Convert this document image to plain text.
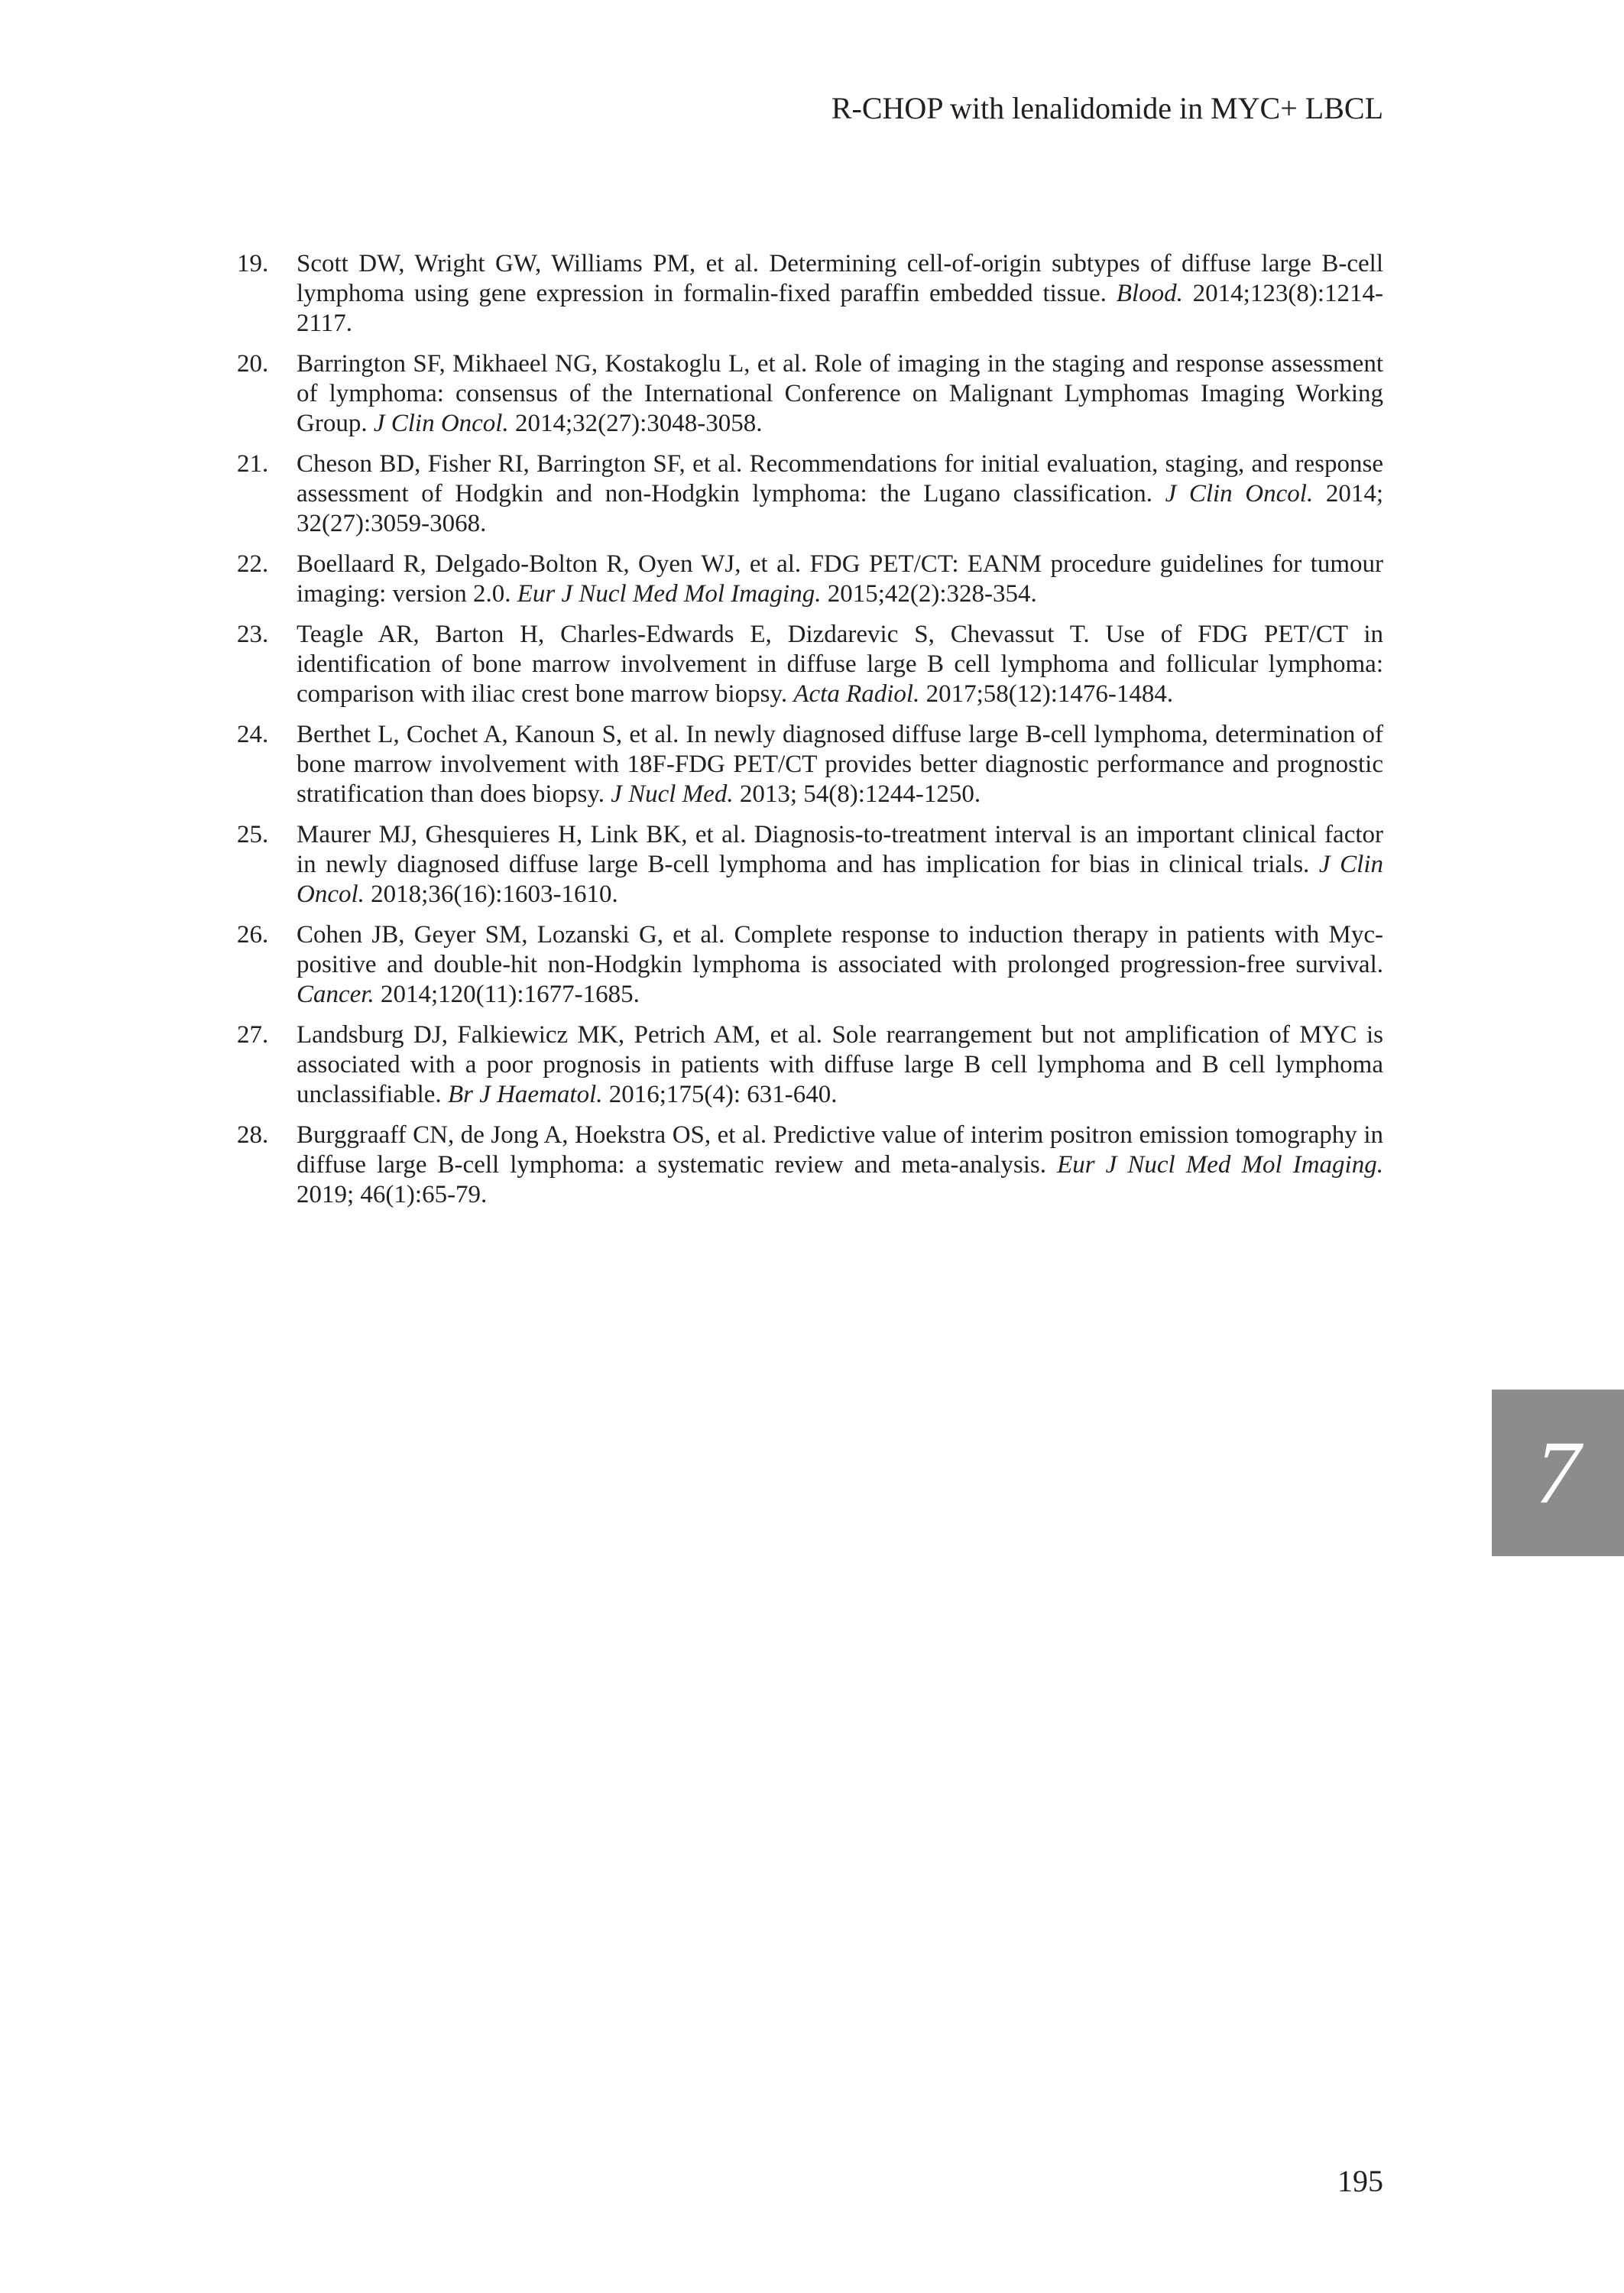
R-CHOP with lenalidomide in MYC+ LBCL
19. Scott DW, Wright GW, Williams PM, et al. Determining cell-of-origin subtypes of diffuse large B-cell lymphoma using gene expression in formalin-fixed paraffin embedded tissue. Blood. 2014;123(8):1214-2117.
20. Barrington SF, Mikhaeel NG, Kostakoglu L, et al. Role of imaging in the staging and response assessment of lymphoma: consensus of the International Conference on Malignant Lymphomas Imaging Working Group. J Clin Oncol. 2014;32(27):3048-3058.
21. Cheson BD, Fisher RI, Barrington SF, et al. Recommendations for initial evaluation, staging, and response assessment of Hodgkin and non-Hodgkin lymphoma: the Lugano classification. J Clin Oncol. 2014; 32(27):3059-3068.
22. Boellaard R, Delgado-Bolton R, Oyen WJ, et al. FDG PET/CT: EANM procedure guidelines for tumour imaging: version 2.0. Eur J Nucl Med Mol Imaging. 2015;42(2):328-354.
23. Teagle AR, Barton H, Charles-Edwards E, Dizdarevic S, Chevassut T. Use of FDG PET/CT in identification of bone marrow involvement in diffuse large B cell lymphoma and follicular lymphoma: comparison with iliac crest bone marrow biopsy. Acta Radiol. 2017;58(12):1476-1484.
24. Berthet L, Cochet A, Kanoun S, et al. In newly diagnosed diffuse large B-cell lymphoma, determination of bone marrow involvement with 18F-FDG PET/CT provides better diagnostic performance and prognostic stratification than does biopsy. J Nucl Med. 2013; 54(8):1244-1250.
25. Maurer MJ, Ghesquieres H, Link BK, et al. Diagnosis-to-treatment interval is an important clinical factor in newly diagnosed diffuse large B-cell lymphoma and has implication for bias in clinical trials. J Clin Oncol. 2018;36(16):1603-1610.
26. Cohen JB, Geyer SM, Lozanski G, et al. Complete response to induction therapy in patients with Myc-positive and double-hit non-Hodgkin lymphoma is associated with prolonged progression-free survival. Cancer. 2014;120(11):1677-1685.
27. Landsburg DJ, Falkiewicz MK, Petrich AM, et al. Sole rearrangement but not amplification of MYC is associated with a poor prognosis in patients with diffuse large B cell lymphoma and B cell lymphoma unclassifiable. Br J Haematol. 2016;175(4): 631-640.
28. Burggraaff CN, de Jong A, Hoekstra OS, et al. Predictive value of interim positron emission tomography in diffuse large B-cell lymphoma: a systematic review and meta-analysis. Eur J Nucl Med Mol Imaging. 2019; 46(1):65-79.
7
195
